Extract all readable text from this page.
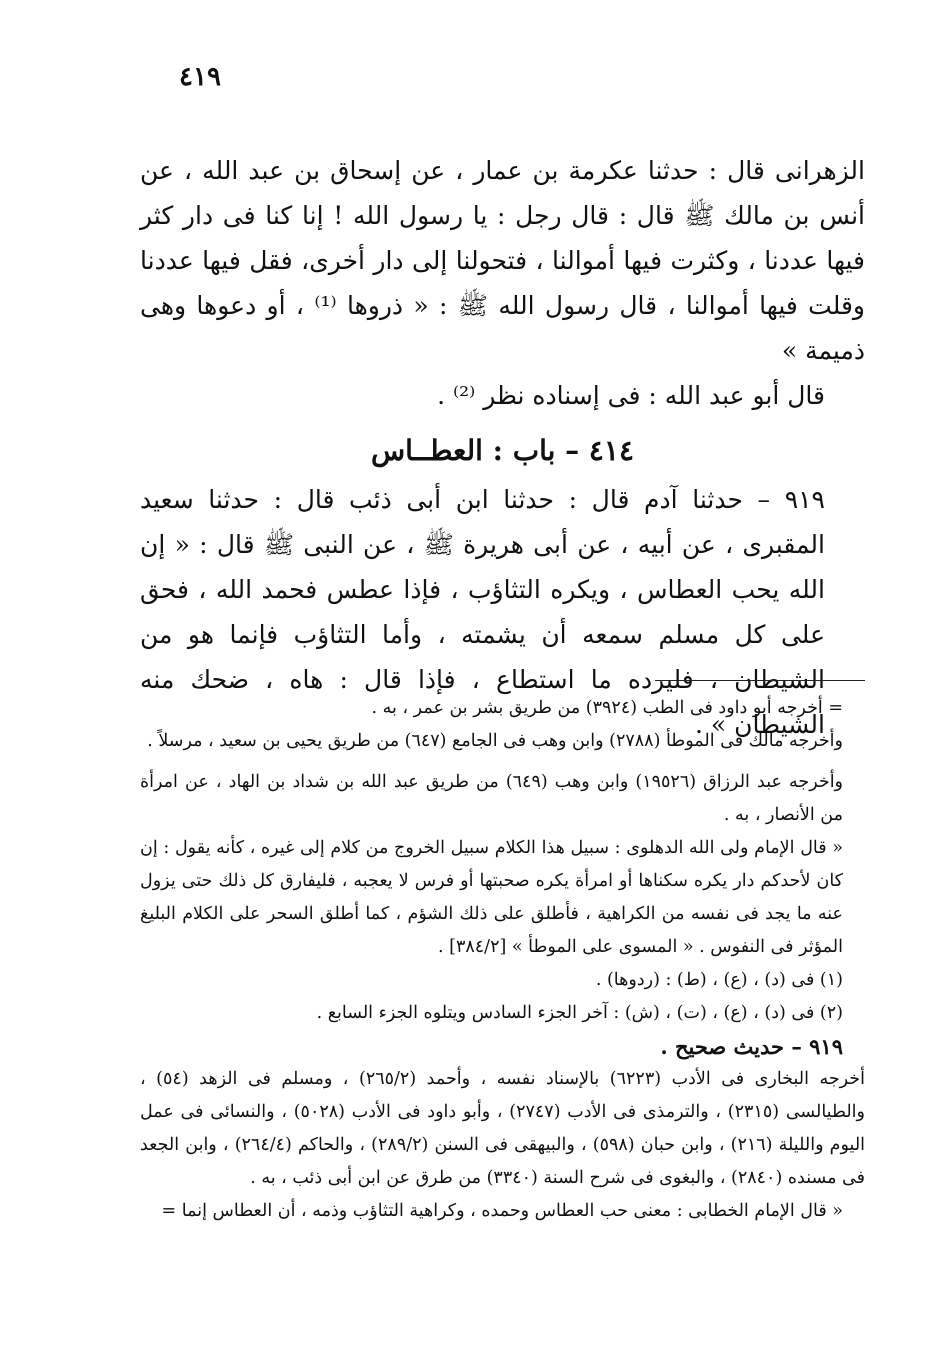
٤١٩

الزهرانى قال : حدثنا عكرمة بن عمار ، عن إسحاق بن عبد الله ، عن أنس بن مالك ﷺ قال : قال رجل : يا رسول الله ! إنا كنا فى دار كثر فيها عددنا ، وكثرت فيها أموالنا ، فتحولنا إلى دار أخرى، فقل فيها عددنا وقلت فيها أموالنا ، قال رسول الله ﷺ : « ذروها ⁽¹⁾ ، أو دعوها وهى ذميمة »

قال أبو عبد الله : فى إسناده نظر ⁽²⁾ .

٤١٤ – باب : العطــاس

٩١٩ – حدثنا آدم قال : حدثنا ابن أبى ذئب قال : حدثنا سعيد المقبرى ، عن أبيه ، عن أبى هريرة ﷺ ، عن النبى ﷺ قال : « إن الله يحب العطاس ، ويكره التثاؤب ، فإذا عطس فحمد الله ، فحق على كل مسلم سمعه أن يشمته ، وأما التثاؤب فإنما هو من الشيطان ، فليرده ما استطاع ، فإذا قال : هاه ، ضحك منه الشيطان » .

= أخرجه أبو داود فى الطب (٣٩٢٤) من طريق بشر بن عمر ، به .

وأخرجه مالك فى الموطأ (٢٧٨٨) وابن وهب فى الجامع (٦٤٧) من طريق يحيى بن سعيد ، مرسلاً .

وأخرجه عبد الرزاق (١٩٥٢٦) وابن وهب (٦٤٩) من طريق عبد الله بن شداد بن الهاد ، عن امرأة من الأنصار ، به .

« قال الإمام ولى الله الدهلوى : سبيل هذا الكلام سبيل الخروج من كلام إلى غيره ، كأنه يقول : إن كان لأحدكم دار يكره سكناها أو امرأة يكره صحبتها أو فرس لا يعجبه ، فليفارق كل ذلك حتى يزول عنه ما يجد فى نفسه من الكراهية ، فأطلق على ذلك الشؤم ، كما أطلق السحر على الكلام البليغ المؤثر فى النفوس . « المسوى على الموطأ » [٣٨٤/٢] .

(١) فى (د) ، (ع) ، (ط) : (ردوها) .

(٢) فى (د) ، (ع) ، (ت) ، (ش) : آخر الجزء السادس ويتلوه الجزء السابع .

٩١٩ – حديث صحيح .

أخرجه البخارى فى الأدب (٦٢٢٣) بالإسناد نفسه ، وأحمد (٢٦٥/٢) ، ومسلم فى الزهد (٥٤) ، والطيالسى (٢٣١٥) ، والترمذى فى الأدب (٢٧٤٧) ، وأبو داود فى الأدب (٥٠٢٨) ، والنسائى فى عمل اليوم والليلة (٢١٦) ، وابن حبان (٥٩٨) ، والبيهقى فى السنن (٢٨٩/٢) ، والحاكم (٢٦٤/٤) ، وابن الجعد فى مسنده (٢٨٤٠) ، والبغوى فى شرح السنة (٣٣٤٠) من طرق عن ابن أبى ذئب ، به .

« قال الإمام الخطابى : معنى حب العطاس وحمده ، وكراهية التثاؤب وذمه ، أن العطاس إنما =
